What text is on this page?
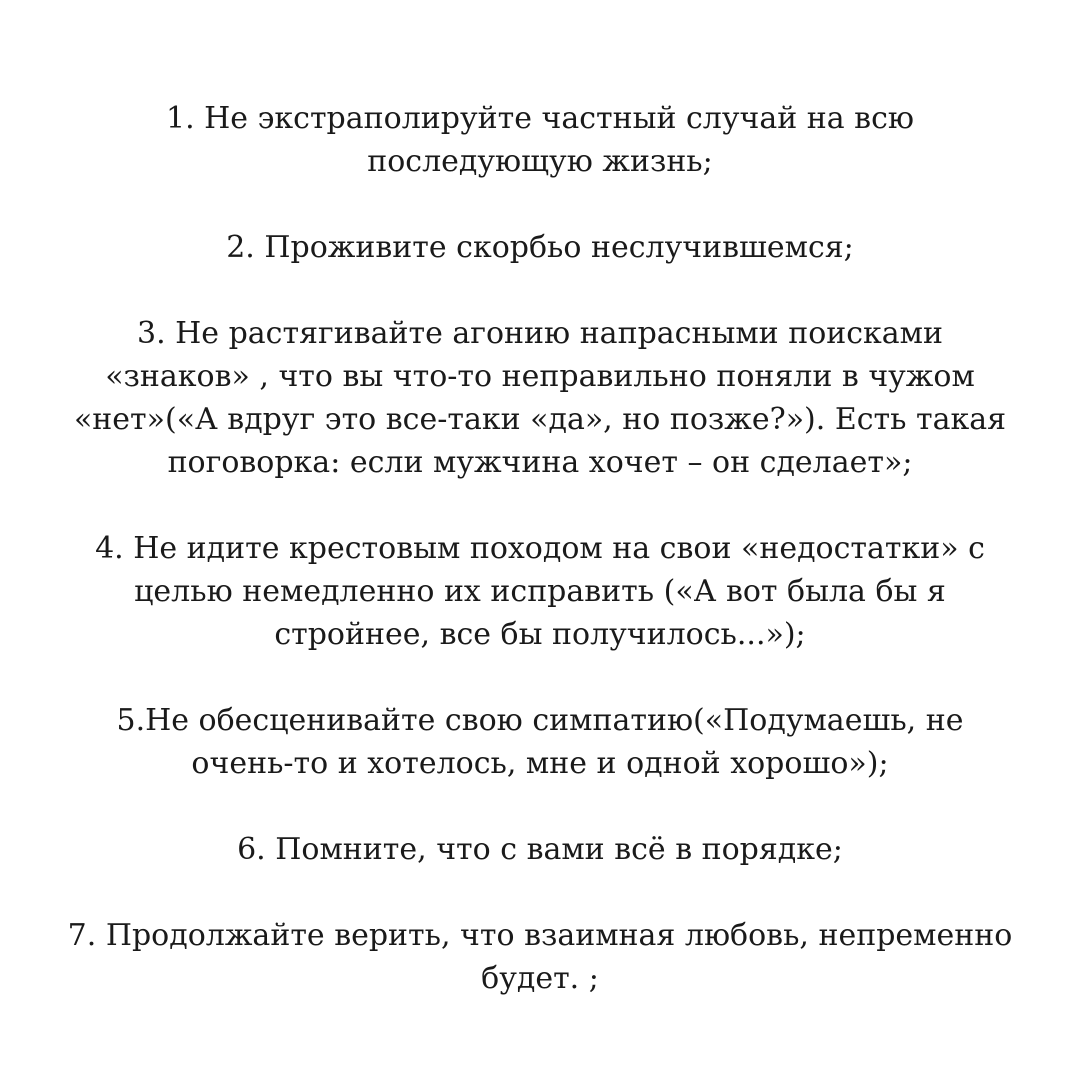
1. Не экстраполируйте частный случай на всю
последующую жизнь;
2. Проживите скорбьо неслучившемся;
3. Не растягивайте агонию напрасными поисками
«знаков» , что вы что-то неправильно поняли в чужом
«нет»(«А вдруг это все-таки «да», но позже?»). Есть такая
поговорка: если мужчина хочет – он сделает»;
4. Не идите крестовым походом на свои «недостатки» с
целью немедленно их исправить («А вот была бы я
стройнее, все бы получилось...»);
5.Не обесценивайте свою симпатию(«Подумаешь, не
очень-то и хотелось, мне и одной хорошо»);
6. Помните, что с вами всё в порядке;
7. Продолжайте верить, что взаимная любовь, непременно
будет. ;
